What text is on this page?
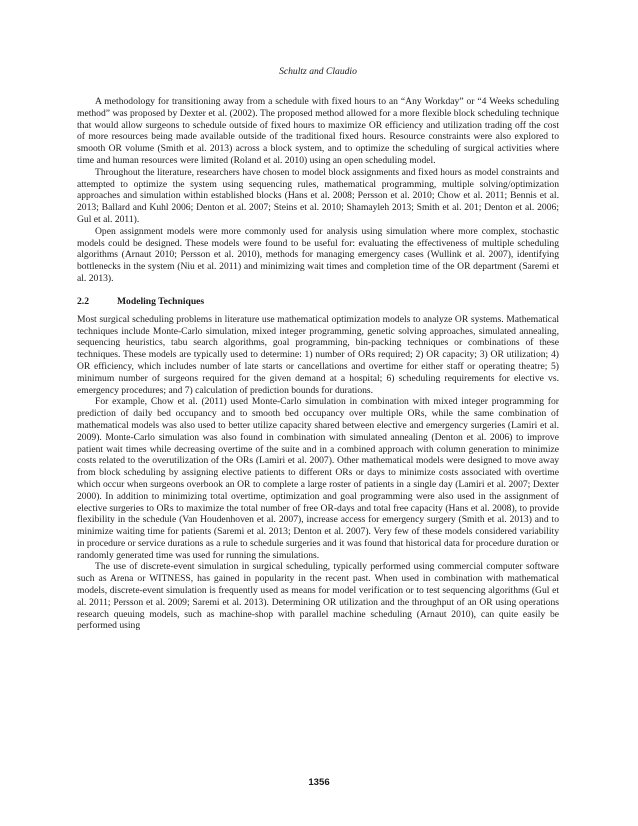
Schultz and Claudio

A methodology for transitioning away from a schedule with fixed hours to an “Any Workday” or “4 Weeks scheduling method” was proposed by Dexter et al. (2002). The proposed method allowed for a more flexible block scheduling technique that would allow surgeons to schedule outside of fixed hours to maximize OR efficiency and utilization trading off the cost of more resources being made available outside of the traditional fixed hours. Resource constraints were also explored to smooth OR volume (Smith et al. 2013) across a block system, and to optimize the scheduling of surgical activities where time and human resources were limited (Roland et al. 2010) using an open scheduling model.

Throughout the literature, researchers have chosen to model block assignments and fixed hours as model constraints and attempted to optimize the system using sequencing rules, mathematical programming, multiple solving/optimization approaches and simulation within established blocks (Hans et al. 2008; Persson et al. 2010; Chow et al. 2011; Bennis et al. 2013; Ballard and Kuhl 2006; Denton et al. 2007; Steins et al. 2010; Shamayleh 2013; Smith et al. 201; Denton et al. 2006; Gul et al. 2011).

Open assignment models were more commonly used for analysis using simulation where more complex, stochastic models could be designed. These models were found to be useful for: evaluating the effectiveness of multiple scheduling algorithms (Arnaut 2010; Persson et al. 2010), methods for managing emergency cases (Wullink et al. 2007), identifying bottlenecks in the system (Niu et al. 2011) and minimizing wait times and completion time of the OR department (Saremi et al. 2013).

2.2	Modeling Techniques

Most surgical scheduling problems in literature use mathematical optimization models to analyze OR systems. Mathematical techniques include Monte-Carlo simulation, mixed integer programming, genetic solving approaches, simulated annealing, sequencing heuristics, tabu search algorithms, goal programming, bin-packing techniques or combinations of these techniques. These models are typically used to determine: 1) number of ORs required; 2) OR capacity; 3) OR utilization; 4) OR efficiency, which includes number of late starts or cancellations and overtime for either staff or operating theatre; 5) minimum number of surgeons required for the given demand at a hospital; 6) scheduling requirements for elective vs. emergency procedures; and 7) calculation of prediction bounds for durations.

For example, Chow et al. (2011) used Monte-Carlo simulation in combination with mixed integer programming for prediction of daily bed occupancy and to smooth bed occupancy over multiple ORs, while the same combination of mathematical models was also used to better utilize capacity shared between elective and emergency surgeries (Lamiri et al. 2009). Monte-Carlo simulation was also found in combination with simulated annealing (Denton et al. 2006) to improve patient wait times while decreasing overtime of the suite and in a combined approach with column generation to minimize costs related to the overutilization of the ORs (Lamiri et al. 2007). Other mathematical models were designed to move away from block scheduling by assigning elective patients to different ORs or days to minimize costs associated with overtime which occur when surgeons overbook an OR to complete a large roster of patients in a single day (Lamiri et al. 2007; Dexter 2000). In addition to minimizing total overtime, optimization and goal programming were also used in the assignment of elective surgeries to ORs to maximize the total number of free OR-days and total free capacity (Hans et al. 2008), to provide flexibility in the schedule (Van Houdenhoven et al. 2007), increase access for emergency surgery (Smith et al. 2013) and to minimize waiting time for patients (Saremi et al. 2013; Denton et al. 2007). Very few of these models considered variability in procedure or service durations as a rule to schedule surgeries and it was found that historical data for procedure duration or randomly generated time was used for running the simulations.

The use of discrete-event simulation in surgical scheduling, typically performed using commercial computer software such as Arena or WITNESS, has gained in popularity in the recent past. When used in combination with mathematical models, discrete-event simulation is frequently used as means for model verification or to test sequencing algorithms (Gul et al. 2011; Persson et al. 2009; Saremi et al. 2013). Determining OR utilization and the throughput of an OR using operations research queuing models, such as machine-shop with parallel machine scheduling (Arnaut 2010), can quite easily be performed using

1356
